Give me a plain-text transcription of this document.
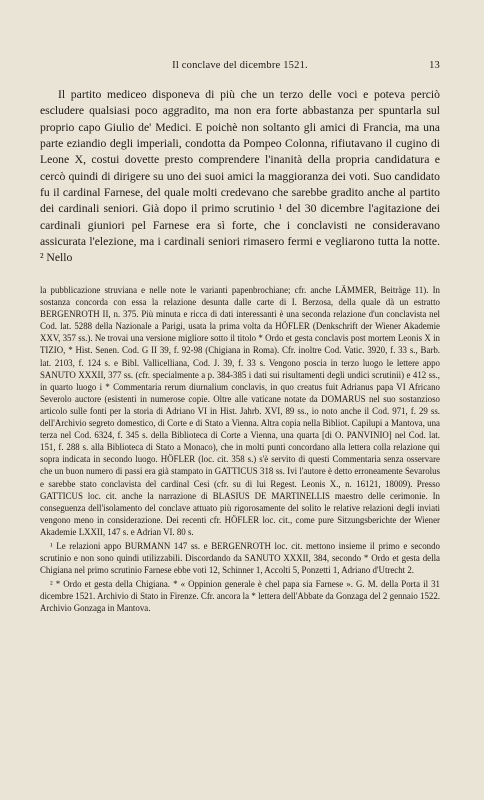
Il conclave del dicembre 1521.	13

Il partito mediceo disponeva di più che un terzo delle voci e poteva perciò escludere qualsiasi poco aggradito, ma non era forte abbastanza per spuntarla sul proprio capo Giulio de' Medici. E poichè non soltanto gli amici di Francia, ma una parte eziandio degli imperiali, condotta da Pompeo Colonna, rifiutavano il cugino di Leone X, costui dovette presto comprendere l'inanità della propria candidatura e cercò quindi di dirigere su uno dei suoi amici la maggioranza dei voti. Suo candidato fu il cardinal Farnese, del quale molti credevano che sarebbe gradito anche al partito dei cardinali seniori. Già dopo il primo scrutinio ¹ del 30 dicembre l'agitazione dei cardinali giuniori pel Farnese era sì forte, che i conclavisti ne consideravano assicurata l'elezione, ma i cardinali seniori rimasero fermi e vegliarono tutta la notte. ² Nello

la pubblicazione struviana e nelle note le varianti papenbrochiane; cfr. anche LÄMMER, Beiträge 11). In sostanza concorda con essa la relazione desunta dalle carte di I. Berzosa, della quale dà un estratto BERGENROTH II, n. 375. Più minuta e ricca di dati interessanti è una seconda relazione d'un conclavista nel Cod. lat. 5288 della Nazionale a Parigi, usata la prima volta da HÖFLER (Denkschrift der Wiener Akademie XXV, 357 ss.). Ne trovai una versione migliore sotto il titolo * Ordo et gesta conclavis post mortem Leonis X in TIZIO, * Hist. Senen. Cod. G II 39, f. 92-98 (Chigiana in Roma). Cfr. inoltre Cod. Vatic. 3920, f. 33 s., Barb. lat. 2103, f. 124 s. e Bibl. Vallicelliana, Cod. J. 39, f. 33 s. Vengono poscia in terzo luogo le lettere appo SANUTO XXXII, 377 ss. (cfr. specialmente a p. 384-385 i dati sui risultamenti degli undici scrutinii) e 412 ss., in quarto luogo i * Commentaria rerum diurnalium conclavis, in quo creatus fuit Adrianus papa VI Africano Severolo auctore (esistenti in numerose copie. Oltre alle vaticane notate da DOMARUS nel suo sostanzioso articolo sulle fonti per la storia di Adriano VI in Hist. Jahrb. XVI, 89 ss., io noto anche il Cod. 971, f. 29 ss. dell'Archivio segreto domestico, di Corte e di Stato a Vienna. Altra copia nella Bibliot. Capilupi a Mantova, una terza nel Cod. 6324, f. 345 s. della Biblioteca di Corte a Vienna, una quarta [di O. PANVINIO] nel Cod. lat. 151, f. 288 s. alla Biblioteca di Stato a Monaco), che in molti punti concordano alla lettera colla relazione qui sopra indicata in secondo luogo. HÖFLER (loc. cit. 358 s.) s'è servito di questi Commentaria senza osservare che un buon numero di passi era già stampato in GATTICUS 318 ss. Ivi l'autore è detto erroneamente Sevarolus e sarebbe stato conclavista del cardinal Cesi (cfr. su di lui Regest. Leonis X., n. 16121, 18009). Presso GATTICUS loc. cit. anche la narrazione di BLASIUS DE MARTINELLIS maestro delle cerimonie. In conseguenza dell'isolamento del conclave attuato più rigorosamente del solito le relative relazioni degli inviati vengono meno in considerazione. Dei recenti cfr. HÖFLER loc. cit., come pure Sitzungsberichte der Wiener Akademie LXXII, 147 s. e Adrian VI. 80 s.

¹ Le relazioni appo BURMANN 147 ss. e BERGENROTH loc. cit. mettono insieme il primo e secondo scrutinio e non sono quindi utilizzabili. Discordando da SANUTO XXXII, 384, secondo * Ordo et gesta della Chigiana nel primo scrutinio Farnese ebbe voti 12, Schinner 1, Accolti 5, Ponzetti 1, Adriano d'Utrecht 2.

² * Ordo et gesta della Chigiana. * « Oppinion generale è chel papa sia Farnese ». G. M. della Porta il 31 dicembre 1521. Archivio di Stato in Firenze. Cfr. ancora la * lettera dell'Abbate da Gonzaga del 2 gennaio 1522. Archivio Gonzaga in Mantova.
